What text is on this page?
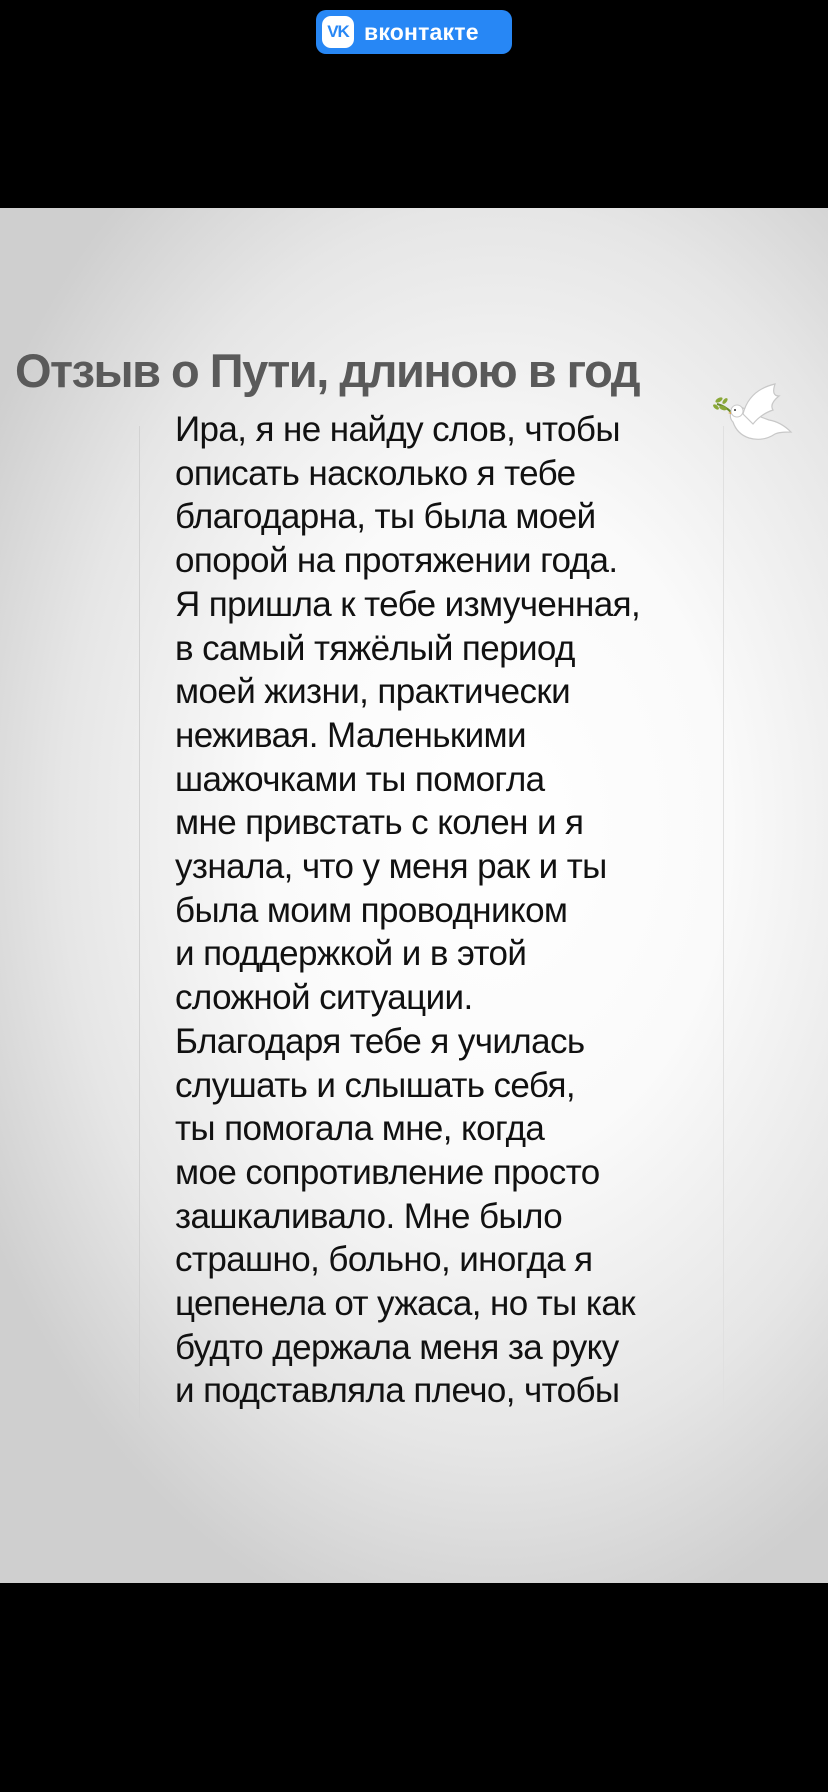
VK вконтакте
Отзыв о Пути, длиною в год
Ира, я не найду слов, чтобы
описать насколько я тебе
благодарна, ты была моей
опорой на протяжении года.
Я пришла к тебе измученная,
в самый тяжёлый период
моей жизни, практически
неживая. Маленькими
шажочками ты помогла
мне привстать с колен и я
узнала, что у меня рак и ты
была моим проводником
и поддержкой и в этой
сложной ситуации.
Благодаря тебе я училась
слушать и слышать себя,
ты помогала мне, когда
мое сопротивление просто
зашкаливало. Мне было
страшно, больно, иногда я
цепенела от ужаса, но ты как
будто держала меня за руку
и подставляла плечо, чтобы
